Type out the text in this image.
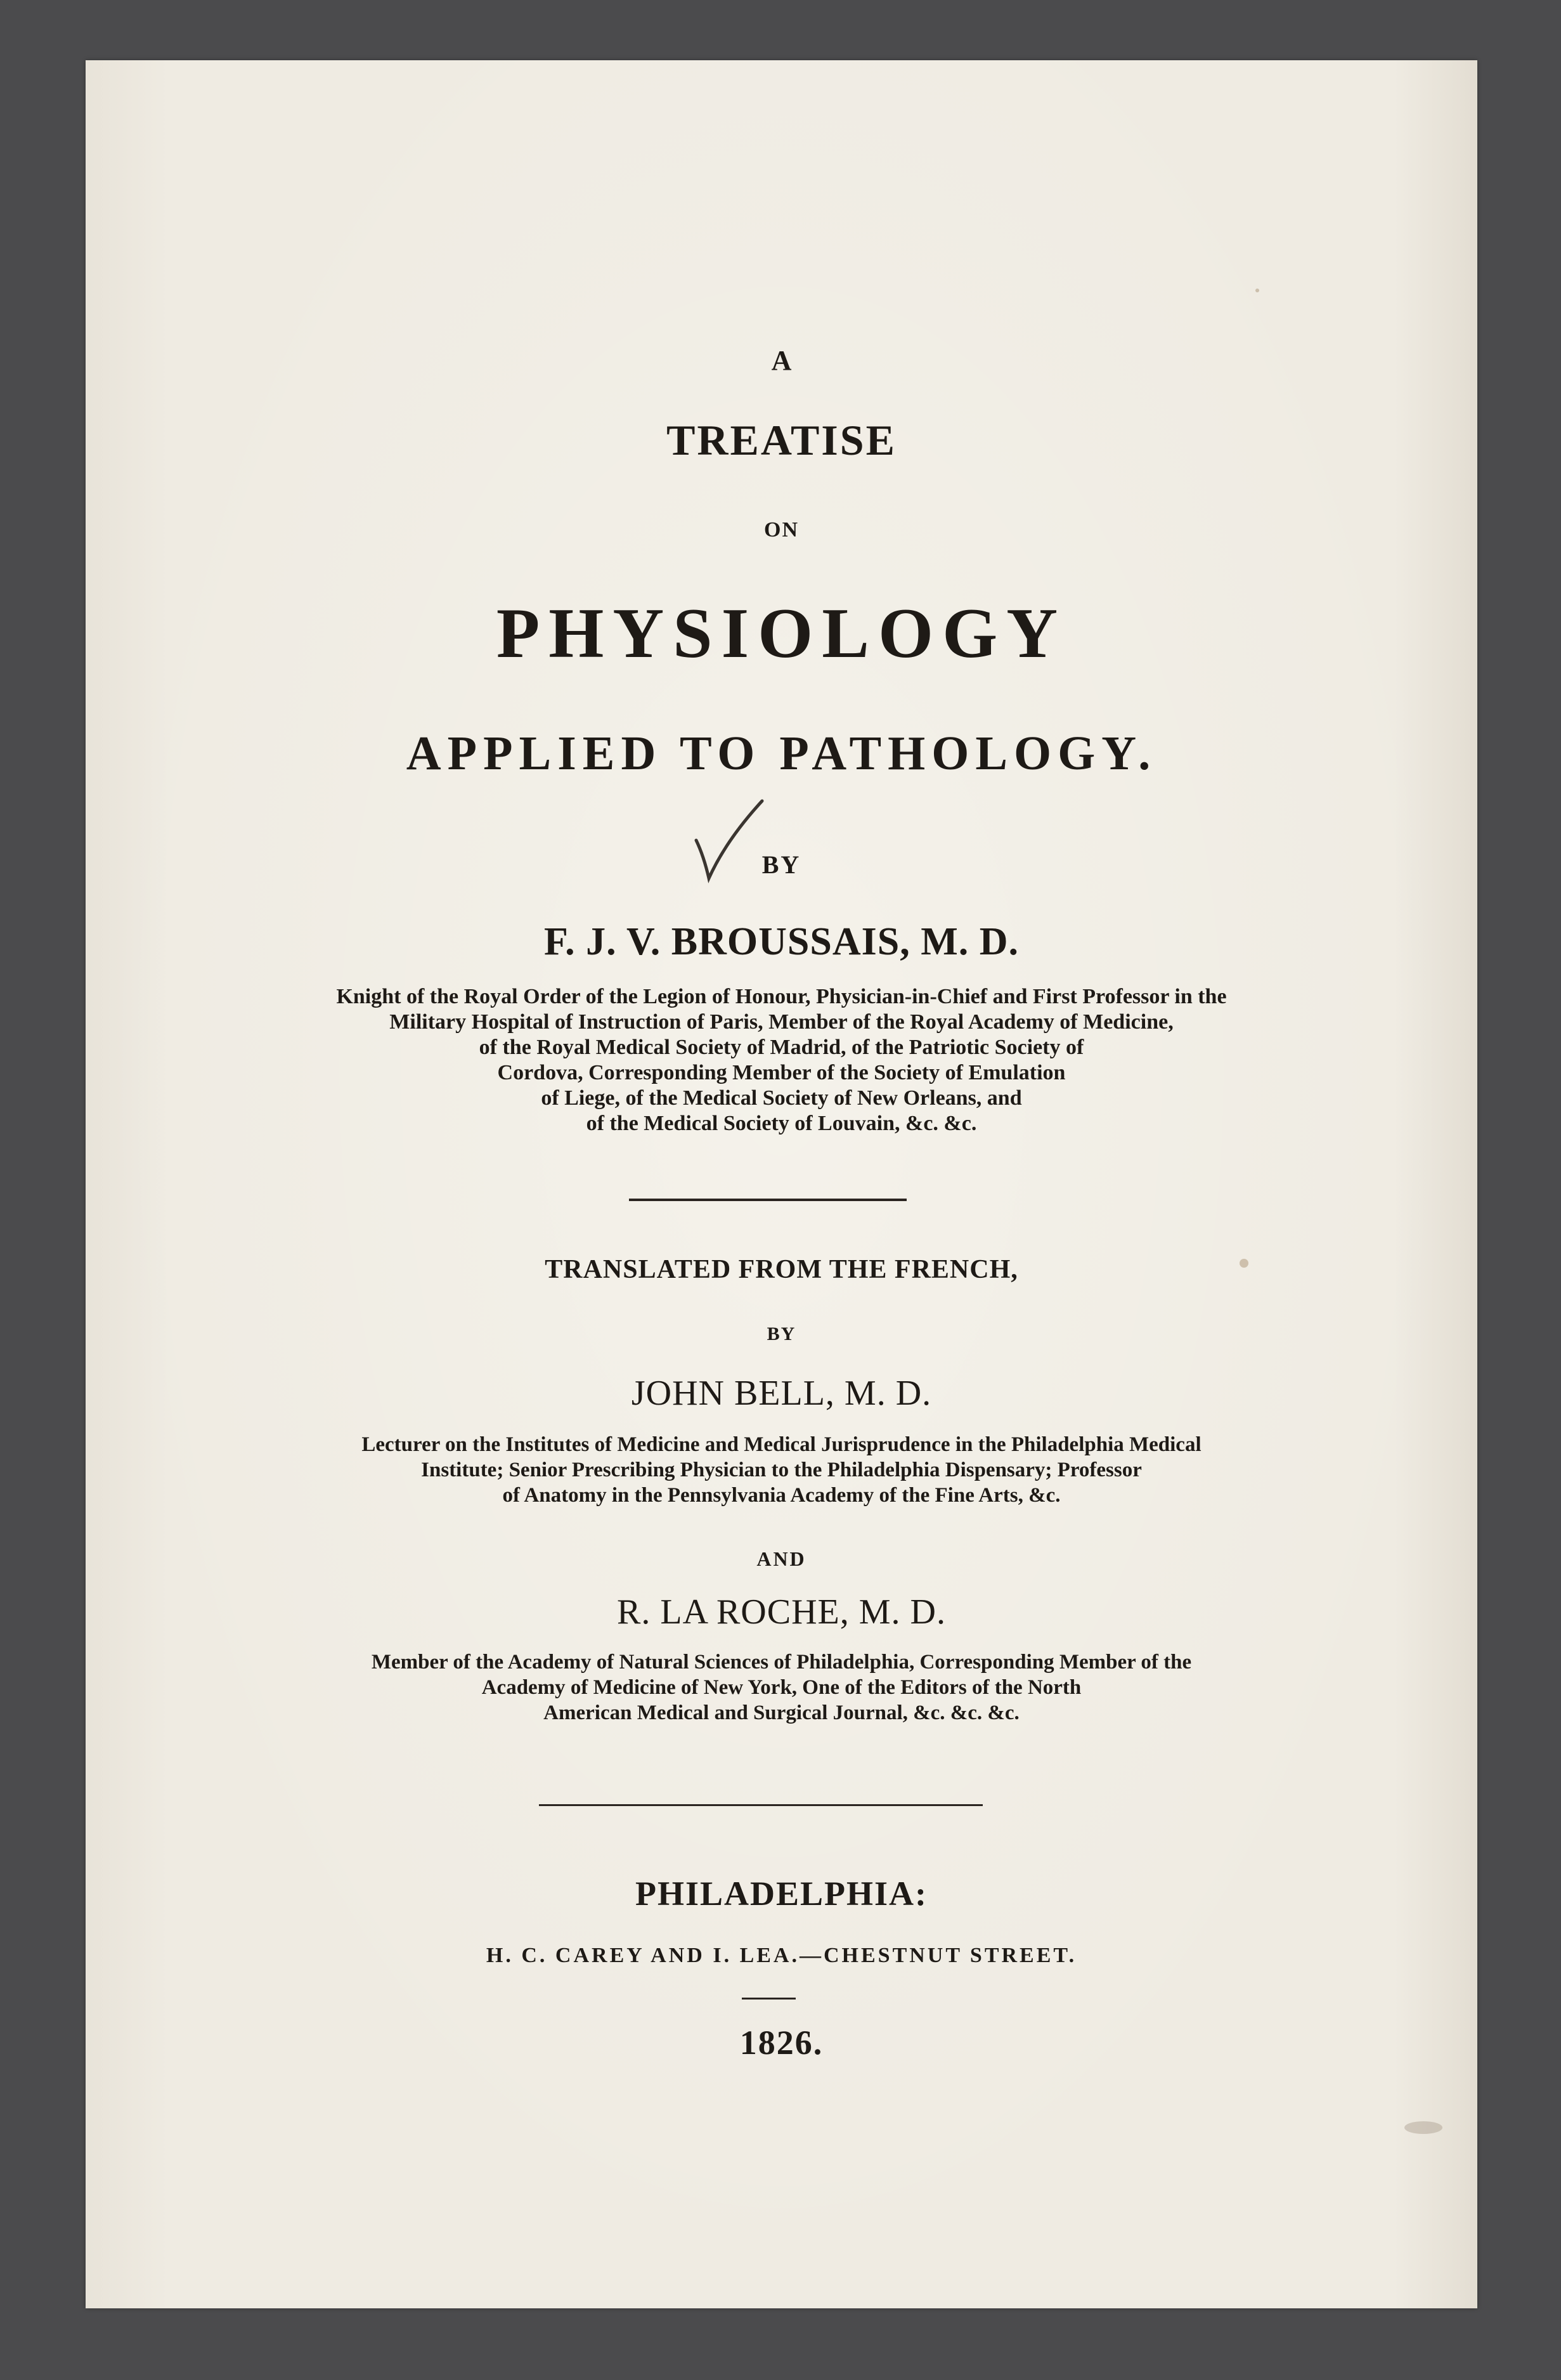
A

TREATISE

ON

PHYSIOLOGY

APPLIED TO PATHOLOGY.

BY

F. J. V. BROUSSAIS, M. D.

Knight of the Royal Order of the Legion of Honour, Physician-in-Chief and First Professor in the

Military Hospital of Instruction of Paris, Member of the Royal Academy of Medicine,

of the Royal Medical Society of Madrid, of the Patriotic Society of

Cordova, Corresponding Member of the Society of Emulation

of Liege, of the Medical Society of New Orleans, and

of the Medical Society of Louvain, &c. &c.

TRANSLATED FROM THE FRENCH,

BY

JOHN BELL, M. D.

Lecturer on the Institutes of Medicine and Medical Jurisprudence in the Philadelphia Medical

Institute; Senior Prescribing Physician to the Philadelphia Dispensary; Professor

of Anatomy in the Pennsylvania Academy of the Fine Arts, &c.

AND

R. LA ROCHE, M. D.

Member of the Academy of Natural Sciences of Philadelphia, Corresponding Member of the

Academy of Medicine of New York, One of the Editors of the North

American Medical and Surgical Journal, &c. &c. &c.

PHILADELPHIA:

H. C. CAREY AND I. LEA.—CHESTNUT STREET.

1826.
